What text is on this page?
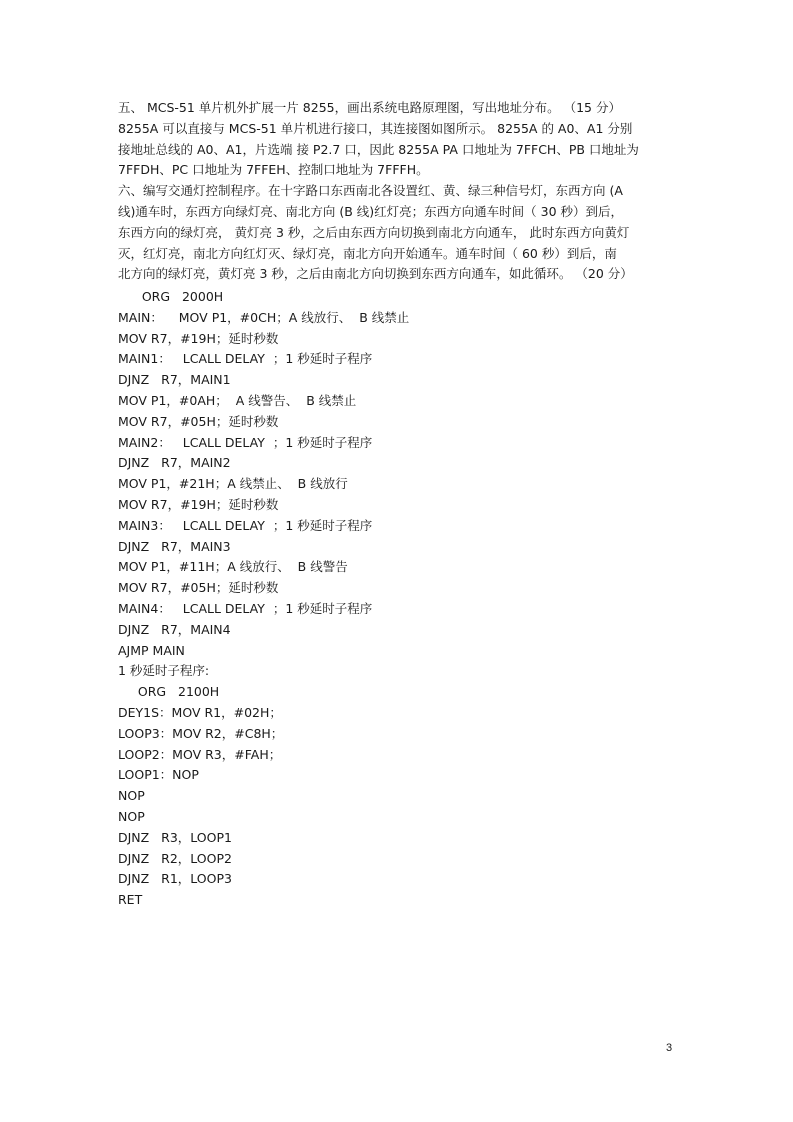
五、 MCS-51 单片机外扩展一片 8255，画出系统电路原理图，写出地址分布。 （15 分）
8255A 可以直接与 MCS-51 单片机进行接口，其连接图如图所示。 8255A 的 A0、A1 分别
接地址总线的 A0、A1，片选端 接 P2.7 口，因此 8255A PA 口地址为 7FFCH、PB 口地址为
7FFDH、PC 口地址为 7FFEH、控制口地址为 7FFFH。
六、编写交通灯控制程序。在十字路口东西南北各设置红、黄、绿三种信号灯，东西方向 (A
线)通车时，东西方向绿灯亮、南北方向 (B 线)红灯亮；东西方向通车时间（ 30 秒）到后，
东西方向的绿灯亮， 黄灯亮 3 秒，之后由东西方向切换到南北方向通车， 此时东西方向黄灯
灭，红灯亮，南北方向红灯灭、绿灯亮，南北方向开始通车。通车时间（ 60 秒）到后，南
北方向的绿灯亮，黄灯亮 3 秒，之后由南北方向切换到东西方向通车，如此循环。 （20 分）
ORG   2000H
MAIN：    MOV P1，#0CH；A 线放行、  B 线禁止
MOV R7，#19H；延时秒数
MAIN1：   LCALL DELAY  ；1 秒延时子程序
DJNZ   R7，MAIN1
MOV P1，#0AH；  A 线警告、  B 线禁止
MOV R7，#05H；延时秒数
MAIN2：   LCALL DELAY  ；1 秒延时子程序
DJNZ   R7，MAIN2
MOV P1，#21H；A 线禁止、  B 线放行
MOV R7，#19H；延时秒数
MAIN3：   LCALL DELAY  ；1 秒延时子程序
DJNZ   R7，MAIN3
MOV P1，#11H；A 线放行、  B 线警告
MOV R7，#05H；延时秒数
MAIN4：   LCALL DELAY  ；1 秒延时子程序
DJNZ   R7，MAIN4
AJMP MAIN
1 秒延时子程序:
ORG   2100H
DEY1S：MOV R1，#02H；
LOOP3：MOV R2，#C8H；
LOOP2：MOV R3，#FAH；
LOOP1：NOP
NOP
NOP
DJNZ   R3，LOOP1
DJNZ   R2，LOOP2
DJNZ   R1，LOOP3
RET
3
